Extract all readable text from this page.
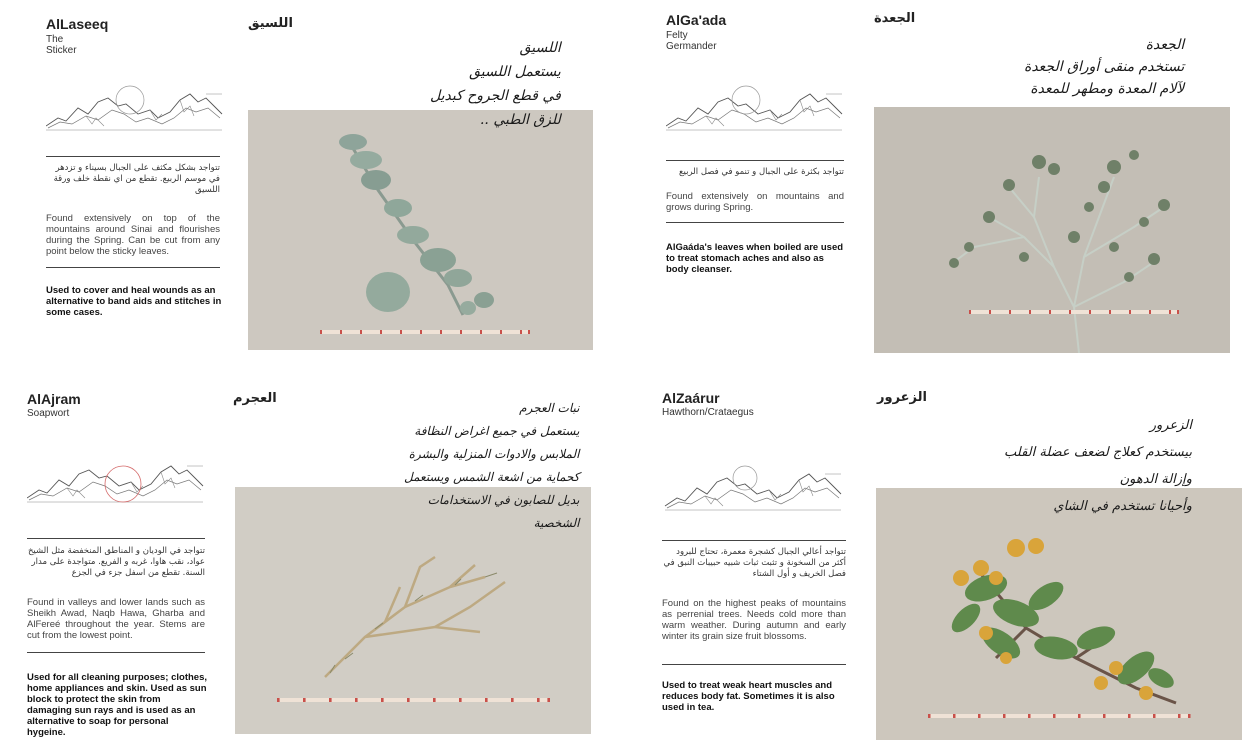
AlLaseeq
The Sticker
اللسيق
تتواجد بشكل مكثف على الجبال بسيناء و تزدهر في موسم الربيع. تقطع من اي نقطة خلف ورقة اللسيق
Found extensively on top of the mountains around Sinai and flourishes during the Spring. Can be cut from any point below the sticky leaves.
Used to cover and heal wounds as an alternative to band aids and stitches in some cases.
اللسيق
يستعمل اللسيق
في قطع الجروح كبديل
للزق الطبي ..
AlGa'ada
Felty Germander
الجعدة
تتواجد بكثرة على الجبال و تنمو في فصل الربيع
Found extensively on mountains and grows during Spring.
AlGaáda's leaves when boiled are used to treat stomach aches and also as body cleanser.
الجعدة
تستخدم منقى أوراق الجعدة
لآلام المعدة ومطهر للمعدة
AlAjram
Soapwort
العجرم
تتواجد في الوديان و المناطق المنخفضة مثل الشيخ عواد، نقب هاوا، غربه و الفريع. متواجدة على مدار السنة. تقطع من اسفل جزء في الجزع
Found in valleys and lower lands such as Sheikh Awad, Naqb Hawa, Gharba and AlFereé throughout the year. Stems are cut from the lowest point.
Used for all cleaning purposes; clothes, home appliances and skin. Used as sun block to protect the skin from damaging sun rays and is used as an alternative to soap for personal hygeine.
نبات العجرم
يستعمل في جميع اغراض النظافة
الملابس والادوات المنزلية والبشرة
كحماية من اشعة الشمس ويستعمل
بديل للصابون في الاستخدامات
الشخصية
AlZaárur
Hawthorn/Crataegus
الزعرور
تتواجد أعالي الجبال كشجرة معمرة، تحتاج للبرود أكثر من السخونة و تثبت ثبات شبيه حبيبات النبق في فصل الخريف و أول الشتاء
Found on the highest peaks of mountains as perrenial trees. Needs cold more than warm weather. During autumn and early winter its grain size fruit blossoms.
Used to treat weak heart muscles and reduces body fat. Sometimes it is also used in tea.
الزعرور
بيستخدم كعلاج لضعف عضلة القلب
وإزالة الدهون
وأحيانا تستخدم في الشاي
